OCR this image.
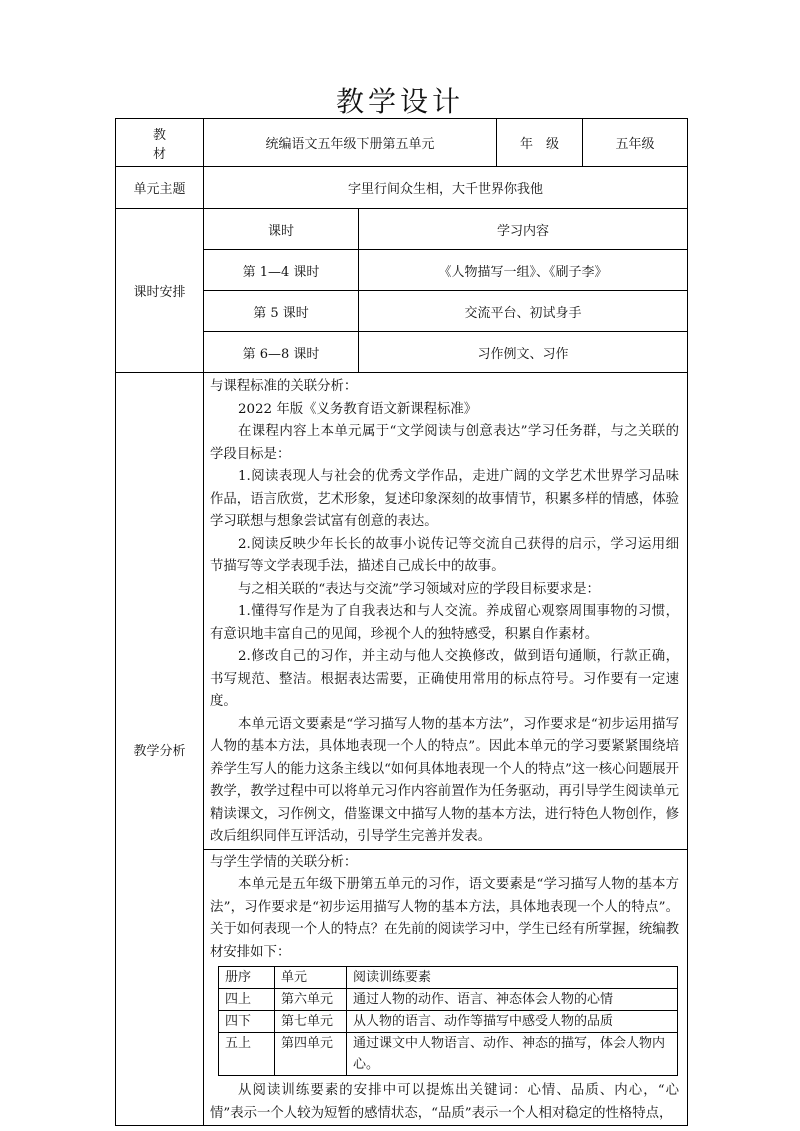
教学设计
教　材	统编语文五年级下册第五单元	年　级	五年级
单元主题	字里行间众生相，大千世界你我他
课时安排	课时	学习内容
第 1—4 课时	《人物描写一组》、《刷子李》
第 5 课时	交流平台、初试身手
第 6—8 课时	习作例文、习作
教学分析	

与课程标准的关联分析：

2022 年版《义务教育语文新课程标准》

在课程内容上本单元属于“文学阅读与创意表达”学习任务群，与之关联的学段目标是：

1.阅读表现人与社会的优秀文学作品，走进广阔的文学艺术世界学习品味作品，语言欣赏，艺术形象，复述印象深刻的故事情节，积累多样的情感，体验学习联想与想象尝试富有创意的表达。

2.阅读反映少年长长的故事小说传记等交流自己获得的启示，学习运用细节描写等文学表现手法，描述自己成长中的故事。

与之相关联的“表达与交流”学习领域对应的学段目标要求是：

1.懂得写作是为了自我表达和与人交流。养成留心观察周围事物的习惯，有意识地丰富自己的见闻，珍视个人的独特感受，积累自作素材。

2.修改自己的习作，并主动与他人交换修改，做到语句通顺，行款正确，书写规范、整洁。根据表达需要，正确使用常用的标点符号。习作要有一定速度。

本单元语文要素是“学习描写人物的基本方法”，习作要求是“初步运用描写人物的基本方法，具体地表现一个人的特点”。因此本单元的学习要紧紧围绕培养学生写人的能力这条主线以“如何具体地表现一个人的特点”这一核心问题展开教学，教学过程中可以将单元习作内容前置作为任务驱动，再引导学生阅读单元精读课文，习作例文，借鉴课文中描写人物的基本方法，进行特色人物创作，修改后组织同伴互评活动，引导学生完善并发表。

与学生学情的关联分析：

本单元是五年级下册第五单元的习作，语文要素是“学习描写人物的基本方法”，习作要求是“初步运用描写人物的基本方法，具体地表现一个人的特点”。关于如何表现一个人的特点？在先前的阅读学习中，学生已经有所掌握，统编教材安排如下：

册序	单元	阅读训练要素
四上	第六单元	通过人物的动作、语言、神态体会人物的心情
四下	第七单元	从人物的语言、动作等描写中感受人物的品质
五上	第四单元	通过课文中人物语言、动作、神态的描写，体会人物内心。

从阅读训练要素的安排中可以提炼出关键词：心情、品质、内心，“心情”表示一个人较为短暂的感情状态，“品质”表示一个人相对稳定的性格特点，
